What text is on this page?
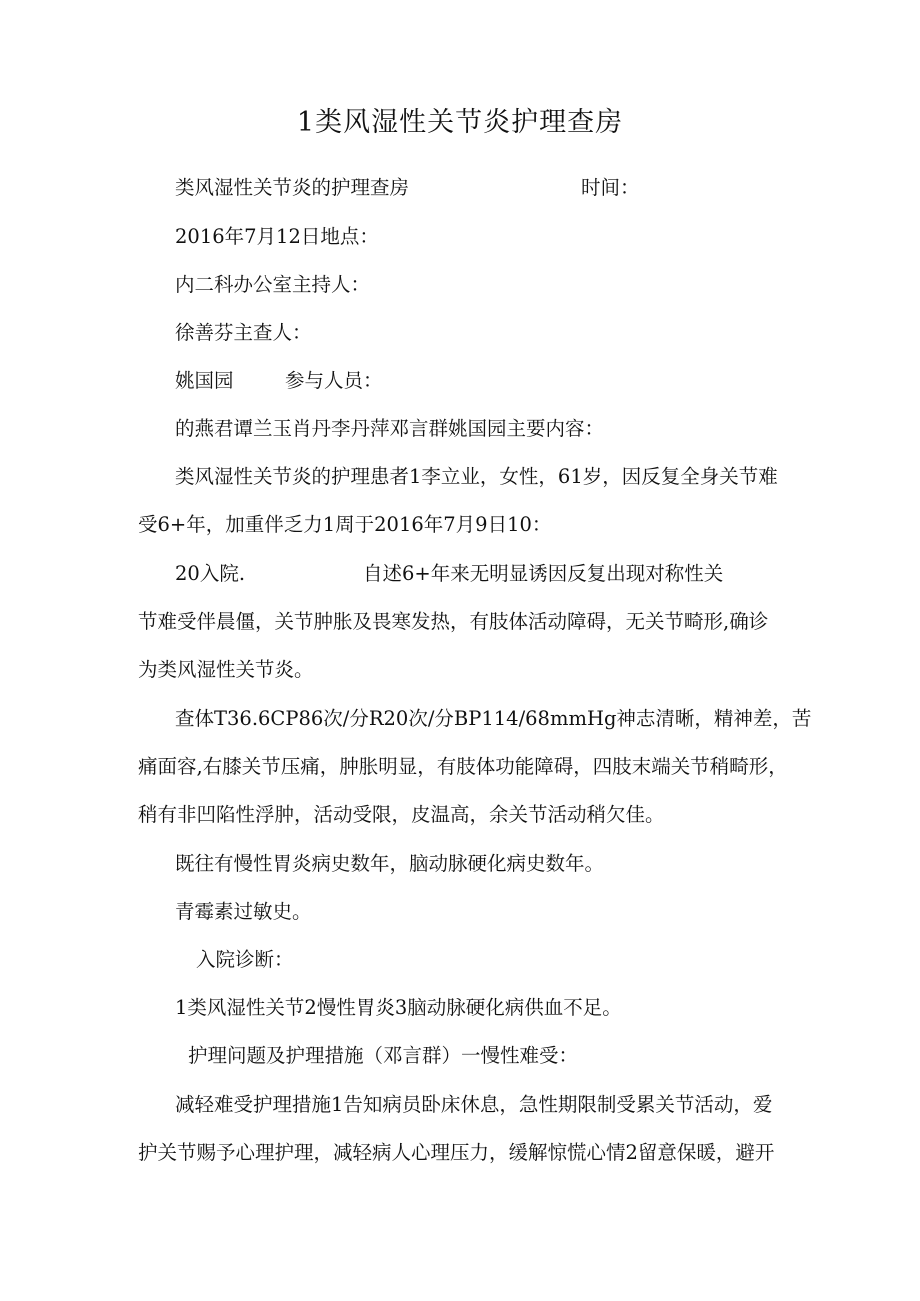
1类风湿性关节炎护理查房
类风湿性关节炎的护理查房	时间：
2016年7月12日地点：
内二科办公室主持人：
徐善芬主查人：
姚国园	参与人员：
的燕君谭兰玉肖丹李丹萍邓言群姚国园主要内容：
类风湿性关节炎的护理患者1李立业，女性，61岁，因反复全身关节难
受6+年，加重伴乏力1周于2016年7月9日10：
20入院.	自述6+年来无明显诱因反复出现对称性关
节难受伴晨僵，关节肿胀及畏寒发热，有肢体活动障碍，无关节畸形,确诊
为类风湿性关节炎。
查体T36.6CP86次/分R20次/分BP114/68mmHg神志清晰，精神差，苦
痛面容,右膝关节压痛，肿胀明显，有肢体功能障碍，四肢末端关节稍畸形，
稍有非凹陷性浮肿，活动受限，皮温高，余关节活动稍欠佳。
既往有慢性胃炎病史数年，脑动脉硬化病史数年。
青霉素过敏史。
入院诊断：
1类风湿性关节2慢性胃炎3脑动脉硬化病供血不足。
护理问题及护理措施（邓言群）一慢性难受：
减轻难受护理措施1告知病员卧床休息，急性期限制受累关节活动，爱
护关节赐予心理护理，减轻病人心理压力，缓解惊慌心情2留意保暖，避开
